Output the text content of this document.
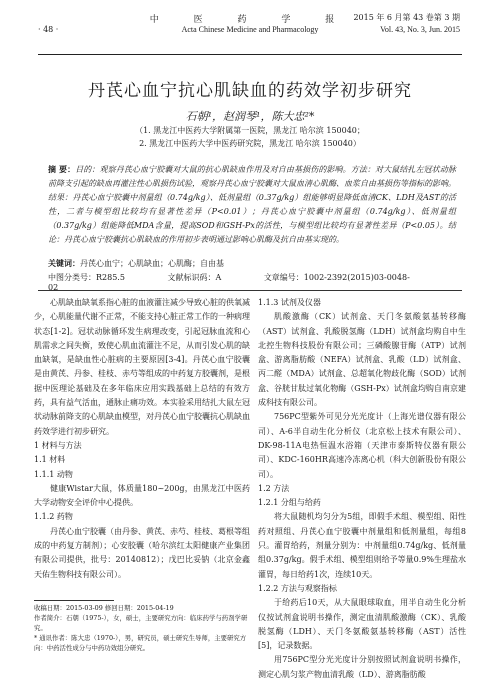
中 医 药 学 报
Acta Chinese Medicine and Pharmacology
2015 年 6 月第 43 卷第 3 期
Vol. 43, No. 3, Jun. 2015
· 48 ·
丹芪心血宁抗心肌缺血的药效学初步研究
石朝¹，赵润琴¹，陈大忠²*
（1. 黑龙江中医药大学附属第一医院，黑龙江 哈尔滨 150040；
2. 黑龙江中医药大学中医药研究院，黑龙江 哈尔滨 150040）
摘 要：目的：观察丹芪心血宁胶囊对大鼠的抗心肌缺血作用及对自由基损伤的影响。方法：对大鼠结扎左冠状动脉前降支引起的缺血再灌注性心肌损伤试验，观察丹芪心血宁胶囊对大鼠血清心肌酶、血浆自由基损伤等指标的影响。结果：丹芪心血宁胶囊中剂量组（0.74g/kg）、低剂量组（0.37g/kg）组能够明显降低血清CK、LDH及AST的活性，二者与模型组比较均有显著性差异（P<0.01）；丹芪心血宁胶囊中剂量组（0.74g/kg）、低剂量组（0.37g/kg）组能降低MDA含量，提高SOD和GSH-Px的活性，与模型组比较均有显著性差异（P<0.05）。结论：丹芪心血宁胶囊抗心肌缺血的作用初步表明通过影响心肌酶及抗自由基实现的。
关键词：丹芪心血宁；心肌缺血；心肌酶；自由基
中图分类号：R285.5	文献标识码：A	文章编号：1002-2392(2015)03-0048-02

心肌缺血缺氧系指心脏的血液灌注减少导致心脏的供氧减少，心肌能量代谢不正常，不能支持心脏正常工作的一种病理状态[1-2]。冠状动脉循环发生病理改变，引起冠脉血流和心肌需求之间失衡，致使心肌血流灌注不足，从而引发心肌的缺血缺氧，是缺血性心脏病的主要原因[3-4]。丹芪心血宁胶囊是由黄芪、丹参、桂枝、赤芍等组成的中药复方胶囊剂，是根据中医理论基础及在多年临床应用实践基础上总结的有效方药，具有益气活血，通脉止痛功效。本实验采用结扎大鼠左冠状动脉前降支的心肌缺血模型，对丹芪心血宁胶囊抗心肌缺血药效学进行初步研究。

1 材料与方法

1.1 材料

1.1.1 动物

健康Wistar大鼠，体质量180~200g，由黑龙江中医药大学动物安全评价中心提供。

1.1.2 药物

丹芪心血宁胶囊（由丹参、黄芪、赤芍、桂枝、葛根等组成的中药复方制剂）；心安胶囊（哈尔滨红太阳健康产业集团有限公司提供，批号：20140812）；戊巴比妥钠（北京金鑫天佑生物科技有限公司）。

1.1.3 试剂及仪器

肌酸激酶（CK）试剂盒、天门冬氨酸氨基转移酶（AST）试剂盒、乳酸脱氢酶（LDH）试剂盒均购自中生北控生物科技股份有限公司；三磷酸腺苷酶（ATP）试剂盒、游离脂肪酸（NEFA）试剂盒、乳酸（LD）试剂盒、丙二醛（MDA）试剂盒、总超氧化物歧化酶（SOD）试剂盒、谷胱甘肽过氧化物酶（GSH-Px）试剂盒均购自南京建成科技有限公司。

756PC型紫外可见分光光度计（上海光谱仪器有限公司）、A-6半自动生化分析仪（北京松上技术有限公司）、DK-98-11A电热恒温水浴箱（天津市泰斯特仪器有限公司）、KDC-160HR高速冷冻离心机（科大创新股份有限公司）。

1.2 方法

1.2.1 分组与给药

将大鼠随机均匀分为5组，即假手术组、模型组、阳性药对照组、丹芪心血宁胶囊中剂量组和低剂量组，每组8只。灌胃给药，剂量分别为：中剂量组0.74g/kg、低剂量组0.37g/kg。假手术组、模型组则给予等量0.9%生理盐水灌胃，每日给药1次，连续10天。

1.2.2 方法与观察指标

于给药后10天，从大鼠眼球取血，用半自动生化分析仪按试剂盒说明书操作，测定血清肌酸激酶（CK）、乳酸脱氢酶（LDH）、天门冬氨酸氨基转移酶（AST）活性[5]，记录数据。

用756PC型分光光度计分别按照试剂盒说明书操作，测定心肌匀浆产物血清乳酸（LD）、游离脂肪酸

收稿日期：2015-03-09 修回日期：2015-04-19
作者简介：石朝（1975-），女，硕士，主要研究方向：临床药学与药剂学研究。
* 通讯作者：陈大忠（1970-），男，研究员，硕士研究生导师，主要研究方向：中药活性成分与中药功效组分研究。
